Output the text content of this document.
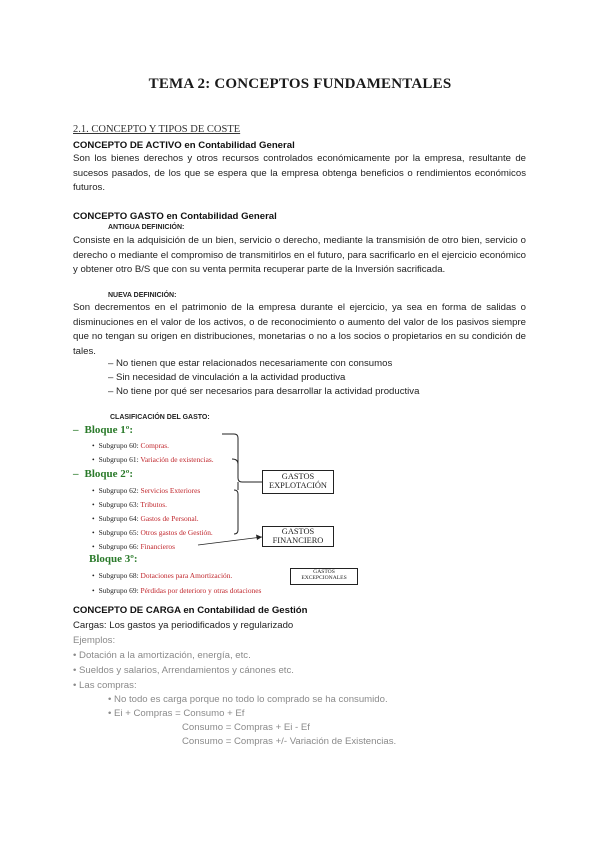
TEMA 2: CONCEPTOS FUNDAMENTALES
2.1. CONCEPTO Y TIPOS DE COSTE
CONCEPTO DE ACTIVO en Contabilidad General
Son los bienes derechos y otros recursos controlados económicamente por la empresa, resultante de sucesos pasados, de los que se espera que la empresa obtenga beneficios o rendimientos económicos futuros.
CONCEPTO GASTO en Contabilidad General
ANTIGUA DEFINICIÓN:
Consiste en la adquisición de un bien, servicio o derecho, mediante la transmisión de otro bien, servicio o derecho o mediante el compromiso de transmitirlos en el futuro, para sacrificarlo en el ejercicio económico y obtener otro B/S que con su venta permita recuperar parte de la Inversión sacrificada.
NUEVA DEFINICIÓN:
Son decrementos en el patrimonio de la empresa durante el ejercicio, ya sea en forma de salidas o disminuciones en el valor de los activos, o de reconocimiento o aumento del valor de los pasivos siempre que no tengan su origen en distribuciones, monetarias o no a los socios o propietarios en su condición de tales.
– No tienen que estar relacionados necesariamente con consumos
– Sin necesidad de vinculación a la actividad productiva
– No tiene por qué ser necesarios para desarrollar la actividad productiva
CLASIFICACIÓN DEL GASTO:
– Bloque 1º:
• Subgrupo 60: Compras.
• Subgrupo 61: Variación de existencias.
– Bloque 2º:
• Subgrupo 62: Servicios Exteriores
• Subgrupo 63: Tributos.
• Subgrupo 64: Gastos de Personal.
• Subgrupo 65: Otros gastos de Gestión.
• Subgrupo 66: Financieros
Bloque 3º:
• Subgrupo 68: Dotaciones para Amortización.
• Subgrupo 69: Pérdidas por deterioro y otras dotaciones
GASTOS
EXPLOTACIÓN
GASTOS
FINANCIERO
GASTOS
EXCEPCIONALES
CONCEPTO DE CARGA en Contabilidad de Gestión
Cargas: Los gastos ya periodificados y regularizado
Ejemplos:
• Dotación a la amortización, energía, etc.
• Sueldos y salarios, Arrendamientos y cánones etc.
• Las compras:
• No todo es carga porque no todo lo comprado se ha consumido.
• Ei + Compras = Consumo + Ef
Consumo = Compras + Ei - Ef
Consumo = Compras +/- Variación de Existencias.
